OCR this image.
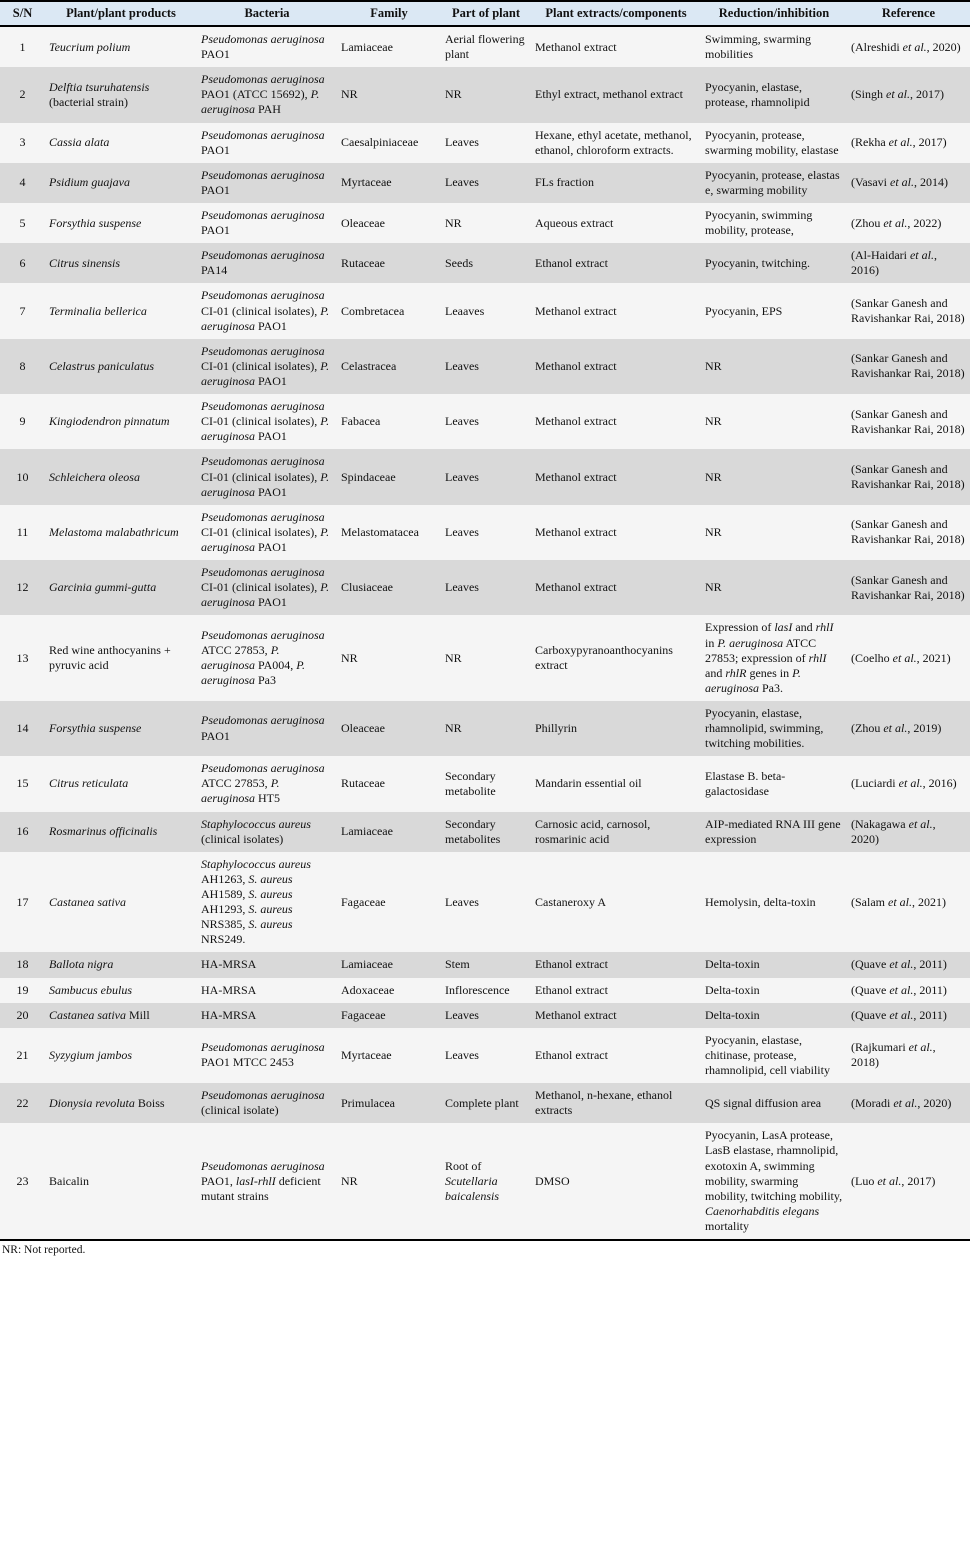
S/N	Plant/plant products	Bacteria	Family	Part of plant	Plant extracts/components	Reduction/inhibition	Reference
1	Teucrium polium	Pseudomonas aeruginosa PAO1	Lamiaceae	Aerial flowering plant	Methanol extract	Swimming, swarming mobilities	(Alreshidi et al., 2020)
2	Delftia tsuruhatensis (bacterial strain)	Pseudomonas aeruginosa PAO1 (ATCC 15692), P. aeruginosa PAH	NR	NR	Ethyl extract, methanol extract	Pyocyanin, elastase, protease, rhamnolipid	(Singh et al., 2017)
3	Cassia alata	Pseudomonas aeruginosa PAO1	Caesalpiniaceae	Leaves	Hexane, ethyl acetate, methanol, ethanol, chloroform extracts.	Pyocyanin, protease, swarming mobility, elastase	(Rekha et al., 2017)
4	Psidium guajava	Pseudomonas aeruginosa PAO1	Myrtaceae	Leaves	FLs fraction	Pyocyanin, protease, elastas e, swarming mobility	(Vasavi et al., 2014)
5	Forsythia suspense	Pseudomonas aeruginosa PAO1	Oleaceae	NR	Aqueous extract	Pyocyanin, swimming mobility, protease,	(Zhou et al., 2022)
6	Citrus sinensis	Pseudomonas aeruginosa PA14	Rutaceae	Seeds	Ethanol extract	Pyocyanin, twitching.	(Al-Haidari et al., 2016)
7	Terminalia bellerica	Pseudomonas aeruginosa CI-01 (clinical isolates), P. aeruginosa PAO1	Combretacea	Leaaves	Methanol extract	Pyocyanin, EPS	(Sankar Ganesh and Ravishankar Rai, 2018)
8	Celastrus paniculatus	Pseudomonas aeruginosa CI-01 (clinical isolates), P. aeruginosa PAO1	Celastracea	Leaves	Methanol extract	NR	(Sankar Ganesh and Ravishankar Rai, 2018)
9	Kingiodendron pinnatum	Pseudomonas aeruginosa CI-01 (clinical isolates), P. aeruginosa PAO1	Fabacea	Leaves	Methanol extract	NR	(Sankar Ganesh and Ravishankar Rai, 2018)
10	Schleichera oleosa	Pseudomonas aeruginosa CI-01 (clinical isolates), P. aeruginosa PAO1	Spindaceae	Leaves	Methanol extract	NR	(Sankar Ganesh and Ravishankar Rai, 2018)
11	Melastoma malabathricum	Pseudomonas aeruginosa CI-01 (clinical isolates), P. aeruginosa PAO1	Melastomatacea	Leaves	Methanol extract	NR	(Sankar Ganesh and Ravishankar Rai, 2018)
12	Garcinia gummi-gutta	Pseudomonas aeruginosa CI-01 (clinical isolates), P. aeruginosa PAO1	Clusiaceae	Leaves	Methanol extract	NR	(Sankar Ganesh and Ravishankar Rai, 2018)
13	Red wine anthocyanins + pyruvic acid	Pseudomonas aeruginosa ATCC 27853, P. aeruginosa PA004, P. aeruginosa Pa3	NR	NR	Carboxypyranoanthocyanins extract	Expression of lasI and rhlI in P. aeruginosa ATCC 27853; expression of rhlI and rhlR genes in P. aeruginosa Pa3.	(Coelho et al., 2021)
14	Forsythia suspense	Pseudomonas aeruginosa PAO1	Oleaceae	NR	Phillyrin	Pyocyanin, elastase, rhamnolipid, swimming, twitching mobilities.	(Zhou et al., 2019)
15	Citrus reticulata	Pseudomonas aeruginosa ATCC 27853, P. aeruginosa HT5	Rutaceae	Secondary metabolite	Mandarin essential oil	Elastase B. beta-galactosidase	(Luciardi et al., 2016)
16	Rosmarinus officinalis	Staphylococcus aureus (clinical isolates)	Lamiaceae	Secondary metabolites	Carnosic acid, carnosol, rosmarinic acid	AIP-mediated RNA III gene expression	(Nakagawa et al., 2020)
17	Castanea sativa	Staphylococcus aureus AH1263, S. aureus AH1589, S. aureus AH1293, S. aureus NRS385, S. aureus NRS249.	Fagaceae	Leaves	Castaneroxy A	Hemolysin, delta-toxin	(Salam et al., 2021)
18	Ballota nigra	HA-MRSA	Lamiaceae	Stem	Ethanol extract	Delta-toxin	(Quave et al., 2011)
19	Sambucus ebulus	HA-MRSA	Adoxaceae	Inflorescence	Ethanol extract	Delta-toxin	(Quave et al., 2011)
20	Castanea sativa Mill	HA-MRSA	Fagaceae	Leaves	Methanol extract	Delta-toxin	(Quave et al., 2011)
21	Syzygium jambos	Pseudomonas aeruginosa PAO1 MTCC 2453	Myrtaceae	Leaves	Ethanol extract	Pyocyanin, elastase, chitinase, protease, rhamnolipid, cell viability	(Rajkumari et al., 2018)
22	Dionysia revoluta Boiss	Pseudomonas aeruginosa (clinical isolate)	Primulacea	Complete plant	Methanol, n-hexane, ethanol extracts	QS signal diffusion area	(Moradi et al., 2020)
23	Baicalin	Pseudomonas aeruginosa PAO1, lasI-rhlI deficient mutant strains	NR	Root of Scutellaria baicalensis	DMSO	Pyocyanin, LasA protease, LasB elastase, rhamnolipid, exotoxin A, swimming mobility, swarming mobility, twitching mobility, Caenorhabditis elegans mortality	(Luo et al., 2017)
NR: Not reported.
